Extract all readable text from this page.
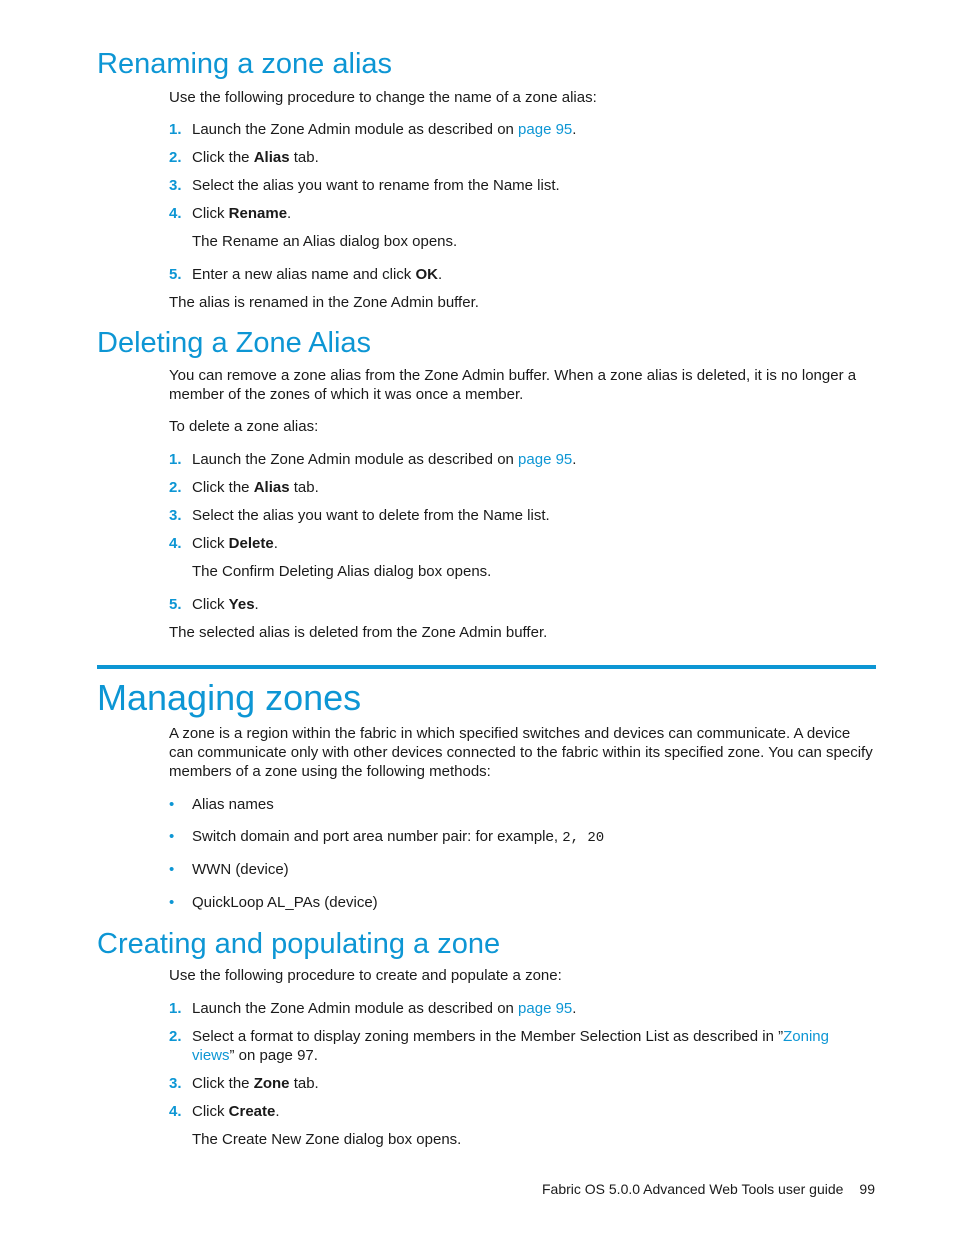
Renaming a zone alias

Use the following procedure to change the name of a zone alias:

1. Launch the Zone Admin module as described on page 95.
2. Click the Alias tab.
3. Select the alias you want to rename from the Name list.
4. Click Rename.
The Rename an Alias dialog box opens.
5. Enter a new alias name and click OK.

The alias is renamed in the Zone Admin buffer.

Deleting a Zone Alias

You can remove a zone alias from the Zone Admin buffer. When a zone alias is deleted, it is no longer a member of the zones of which it was once a member.

To delete a zone alias:

1. Launch the Zone Admin module as described on page 95.
2. Click the Alias tab.
3. Select the alias you want to delete from the Name list.
4. Click Delete.
The Confirm Deleting Alias dialog box opens.
5. Click Yes.

The selected alias is deleted from the Zone Admin buffer.

Managing zones

A zone is a region within the fabric in which specified switches and devices can communicate. A device can communicate only with other devices connected to the fabric within its specified zone. You can specify members of a zone using the following methods:

• Alias names
• Switch domain and port area number pair: for example, 2, 20
• WWN (device)
• QuickLoop AL_PAs (device)
Creating and populating a zone

Use the following procedure to create and populate a zone:

1. Launch the Zone Admin module as described on page 95.
2. Select a format to display zoning members in the Member Selection List as described in ”Zoning views” on page 97.
3. Click the Zone tab.
4. Click Create.
The Create New Zone dialog box opens.
Fabric OS 5.0.0 Advanced Web Tools user guide 99
